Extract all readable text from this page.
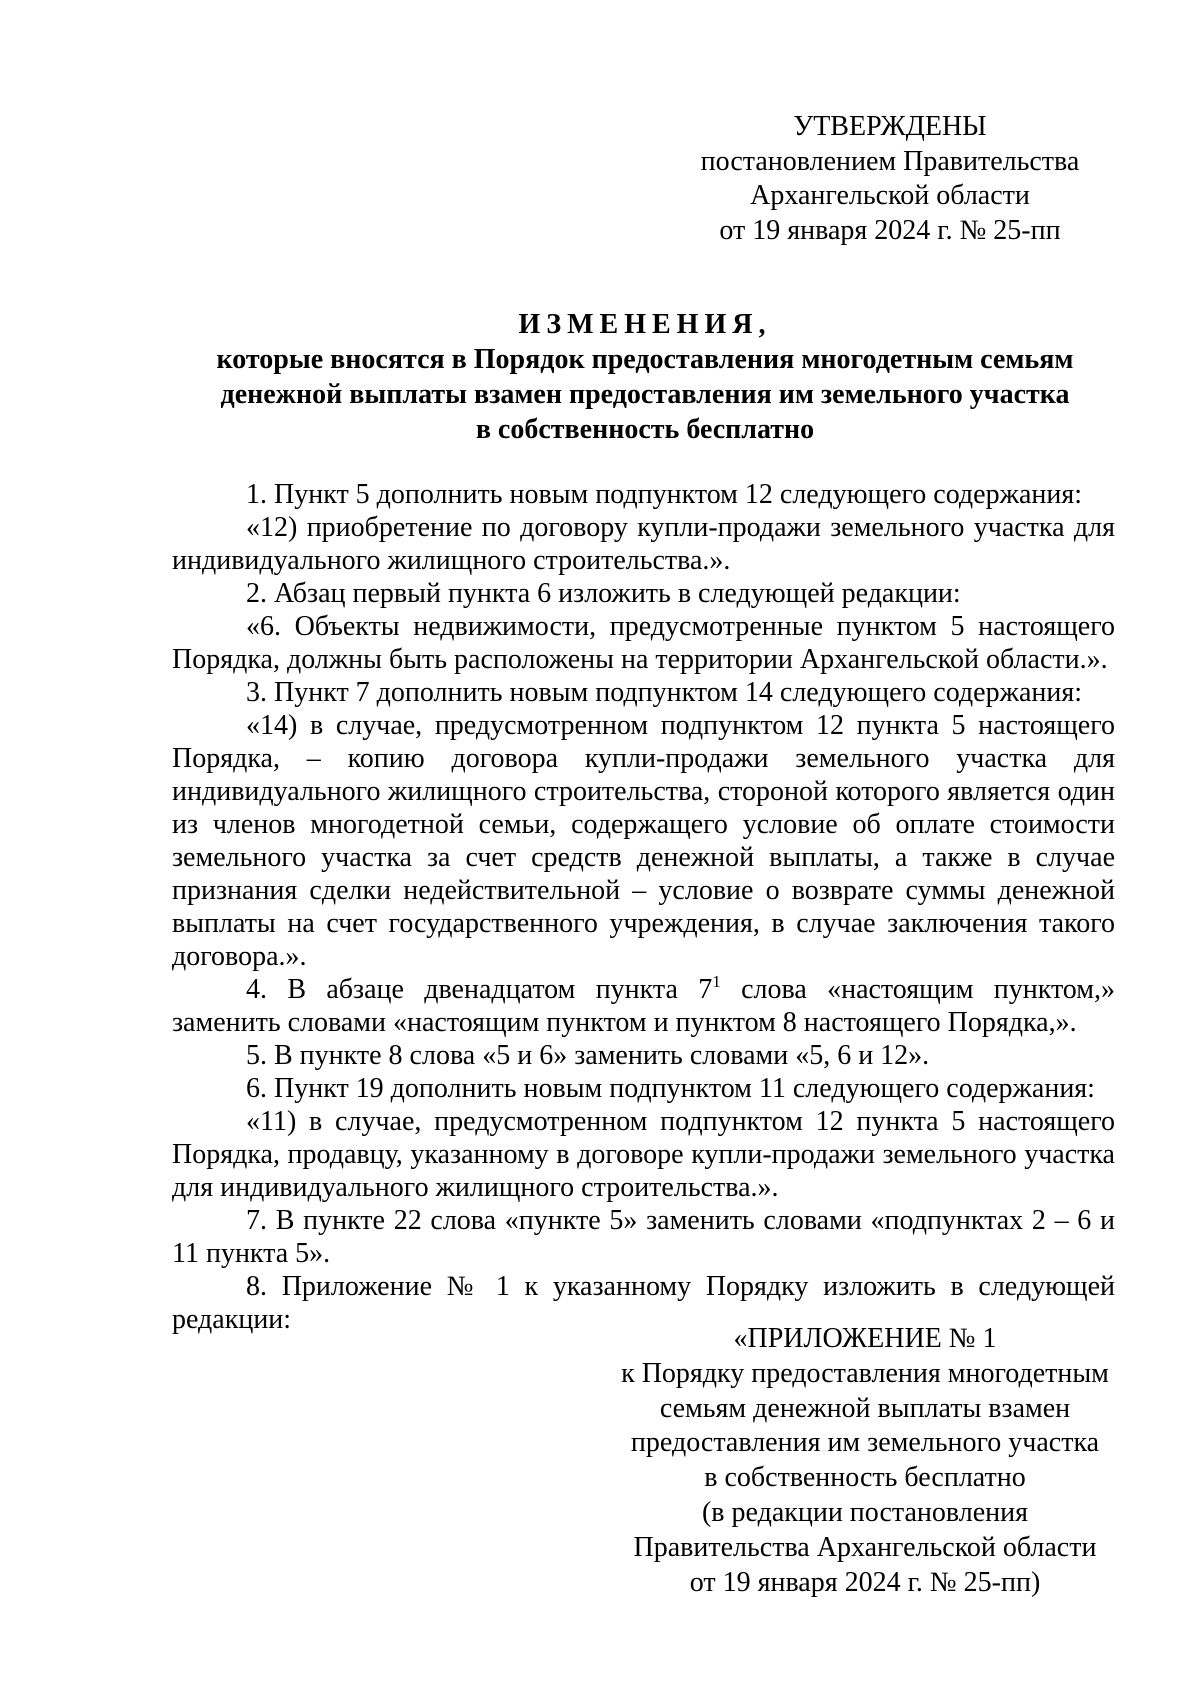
УТВЕРЖДЕНЫ
постановлением Правительства
Архангельской области
от 19 января 2024 г. № 25-пп
ИЗМЕНЕНИЯ,
которые вносятся в Порядок предоставления многодетным семьям
денежной выплаты взамен предоставления им земельного участка
в собственность бесплатно

1. Пункт 5 дополнить новым подпунктом 12 следующего содержания:

«12) приобретение по договору купли-продажи земельного участка для индивидуального жилищного строительства.».

2. Абзац первый пункта 6 изложить в следующей редакции:

«6. Объекты недвижимости, предусмотренные пунктом 5 настоящего Порядка, должны быть расположены на территории Архангельской области.».

3. Пункт 7 дополнить новым подпунктом 14 следующего содержания:

«14) в случае, предусмотренном подпунктом 12 пункта 5 настоящего Порядка, – копию договора купли-продажи земельного участка для индивидуального жилищного строительства, стороной которого является один из членов многодетной семьи, содержащего условие об оплате стоимости земельного участка за счет средств денежной выплаты, а также в случае признания сделки недействительной – условие о возврате суммы денежной выплаты на счет государственного учреждения, в случае заключения такого договора.».

4. В абзаце двенадцатом пункта $7^1$ слова «настоящим пунктом,» заменить словами «настоящим пунктом и пунктом 8 настоящего Порядка,».

5. В пункте 8 слова «5 и 6» заменить словами «5, 6 и 12».

6. Пункт 19 дополнить новым подпунктом 11 следующего содержания:

«11) в случае, предусмотренном подпунктом 12 пункта 5 настоящего Порядка, продавцу, указанному в договоре купли-продажи земельного участка для индивидуального жилищного строительства.».

7. В пункте 22 слова «пункте 5» заменить словами «подпунктах 2 – 6 и 11 пункта 5».

8. Приложение № 1 к указанному Порядку изложить в следующей редакции:

«ПРИЛОЖЕНИЕ № 1
к Порядку предоставления многодетным
семьям денежной выплаты взамен
предоставления им земельного участка
в собственность бесплатно
(в редакции постановления
Правительства Архангельской области
от 19 января 2024 г. № 25-пп)
